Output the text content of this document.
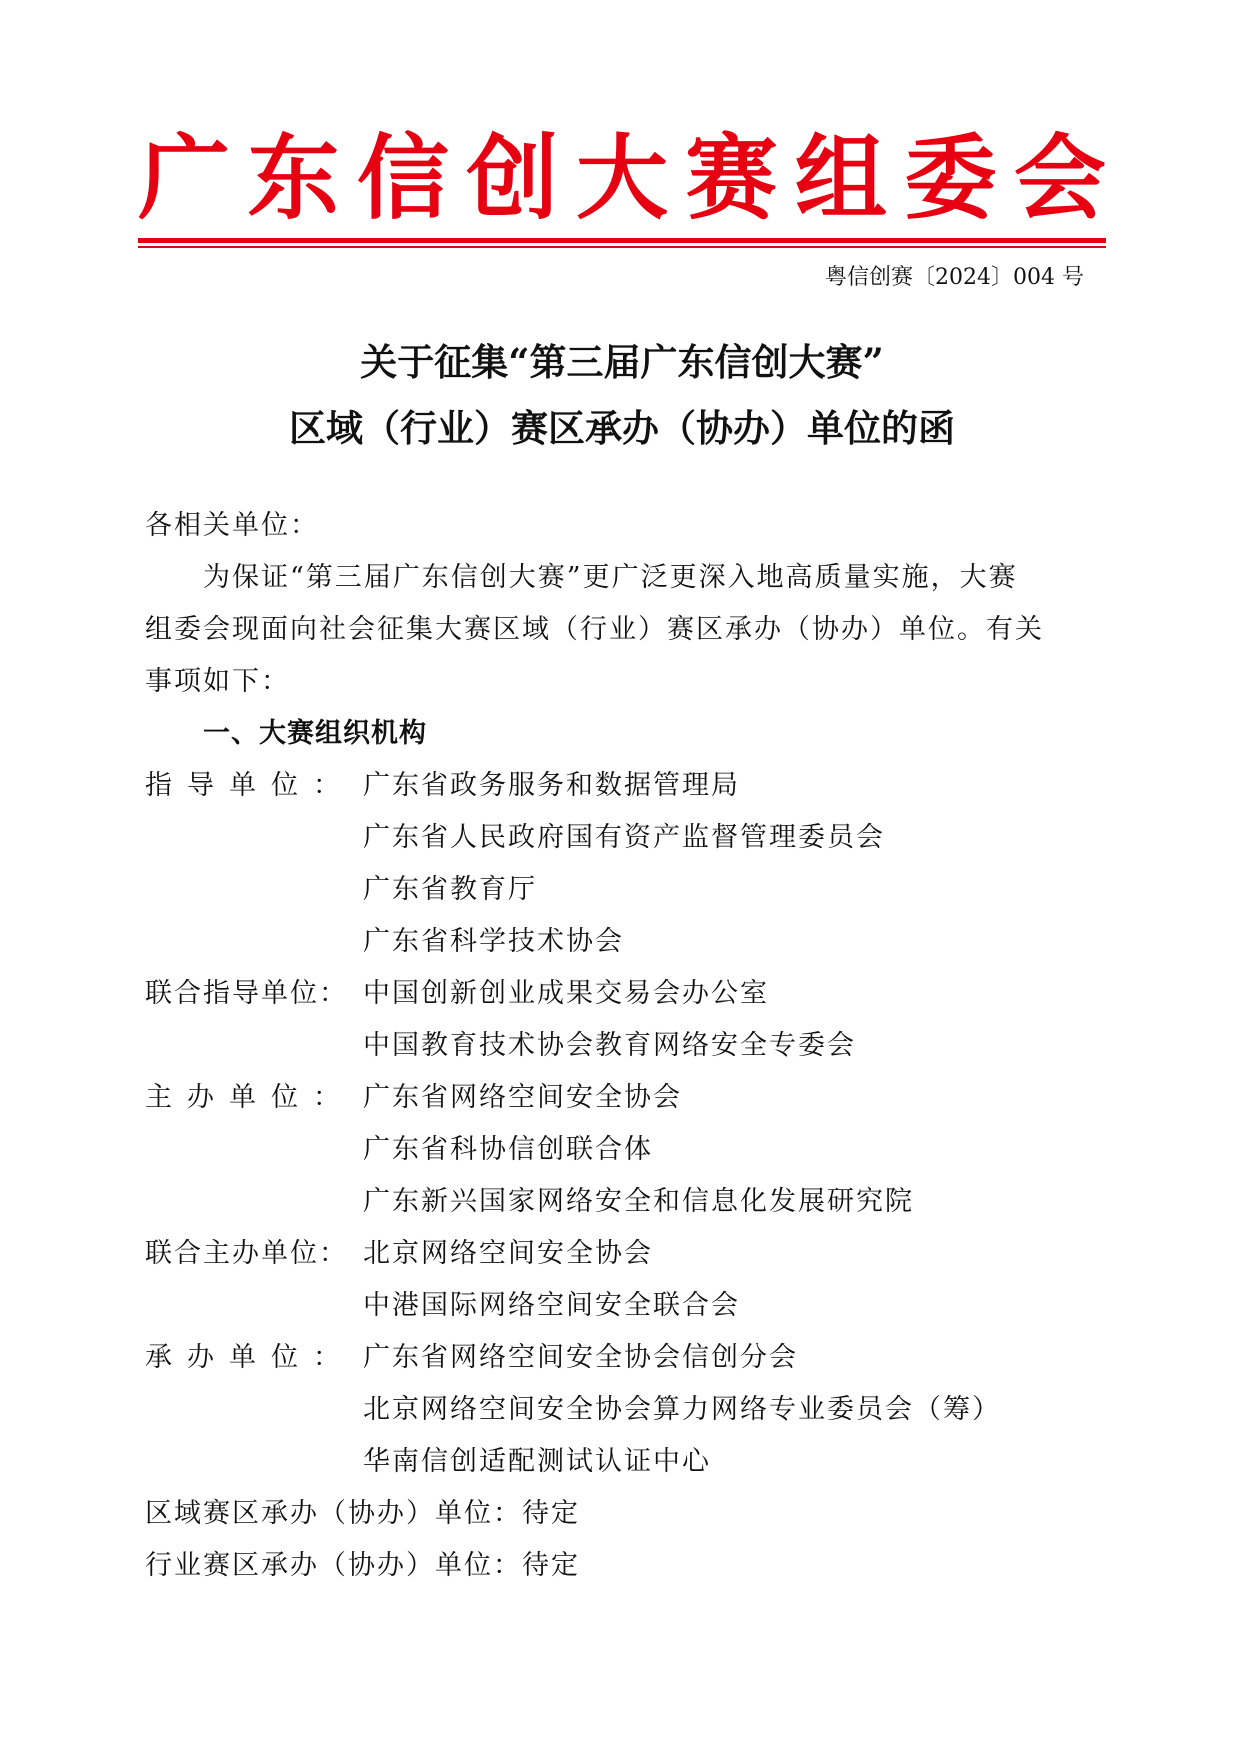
广 东 信 创 大 赛 组 委 会
粤信创赛〔2024〕004 号
关于征集“第三届广东信创大赛”
区域（行业）赛区承办（协办）单位的函
各相关单位：
为保证“第三届广东信创大赛”更广泛更深入地高质量实施，大赛
组委会现面向社会征集大赛区域（行业）赛区承办（协办）单位。有关
事项如下：
一、大赛组织机构
指导单位： 广东省政务服务和数据管理局
广东省人民政府国有资产监督管理委员会
广东省教育厅
广东省科学技术协会
联合指导单位： 中国创新创业成果交易会办公室
中国教育技术协会教育网络安全专委会
主办单位： 广东省网络空间安全协会
广东省科协信创联合体
广东新兴国家网络安全和信息化发展研究院
联合主办单位： 北京网络空间安全协会
中港国际网络空间安全联合会
承办单位： 广东省网络空间安全协会信创分会
北京网络空间安全协会算力网络专业委员会（筹）
华南信创适配测试认证中心
区域赛区承办（协办）单位：待定
行业赛区承办（协办）单位：待定
